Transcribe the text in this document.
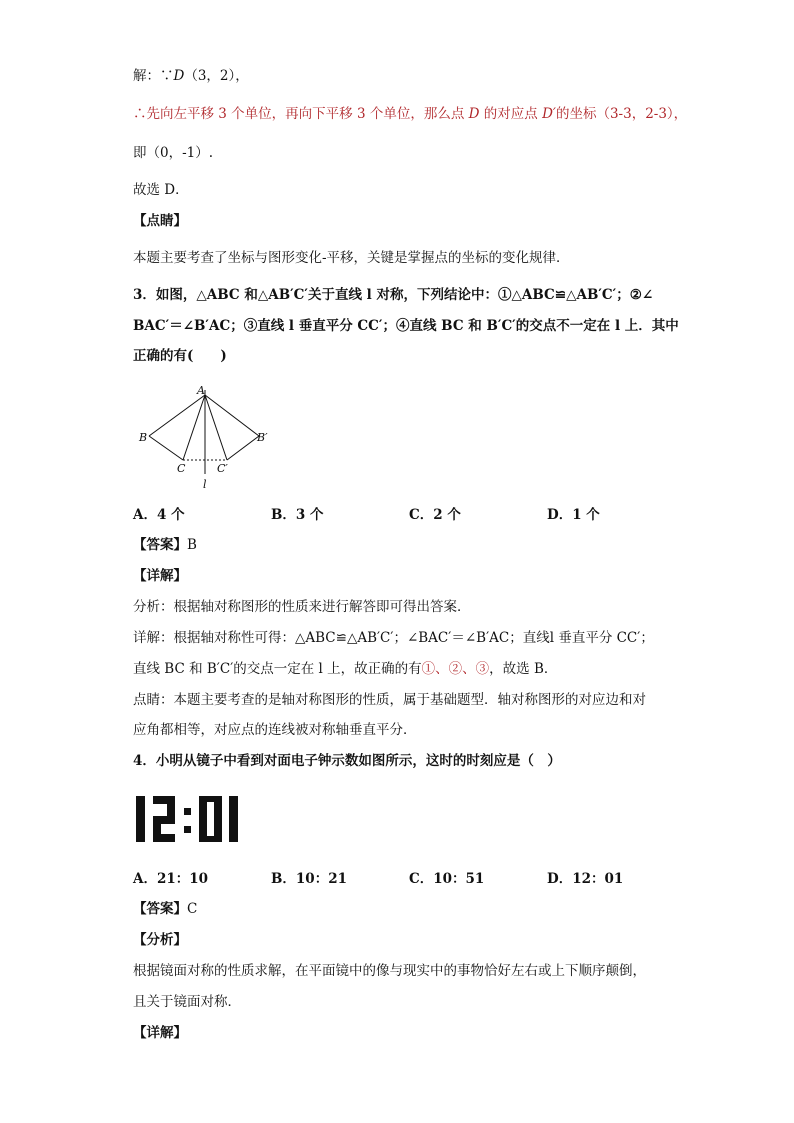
解：∵D（3，2），
∴先向左平移 3 个单位，再向下平移 3 个单位，那么点 D 的对应点 D′的坐标（3-3，2-3），
即（0，-1）.
故选 D．
【点睛】
本题主要考查了坐标与图形变化-平移，关键是掌握点的坐标的变化规律．
3．如图，△ABC 和△AB′C′关于直线 l 对称，下列结论中：①△ABC≌△AB′C′；②∠
BAC′＝∠B′AC；③直线 l 垂直平分 CC′；④直线 BC 和 B′C′的交点不一定在 l 上．其中
正确的有(　　)
A
B	B′
C	C′
l
A．4 个	B．3 个	C．2 个	D．1 个
【答案】B
【详解】
分析：根据轴对称图形的性质来进行解答即可得出答案．
详解：根据轴对称性可得：△ABC≌△AB′C′；∠BAC′＝∠B′AC；直线l 垂直平分 CC′；
直线 BC 和 B′C′的交点一定在 l 上，故正确的有①、②、③，故选 B．
点睛：本题主要考查的是轴对称图形的性质，属于基础题型．轴对称图形的对应边和对
应角都相等，对应点的连线被对称轴垂直平分．
4．小明从镜子中看到对面电子钟示数如图所示，这时的时刻应是（　）
A．21：10	B．10：21	C．10：51	D．12：01
【答案】C
【分析】
根据镜面对称的性质求解，在平面镜中的像与现实中的事物恰好左右或上下顺序颠倒，
且关于镜面对称．
【详解】
